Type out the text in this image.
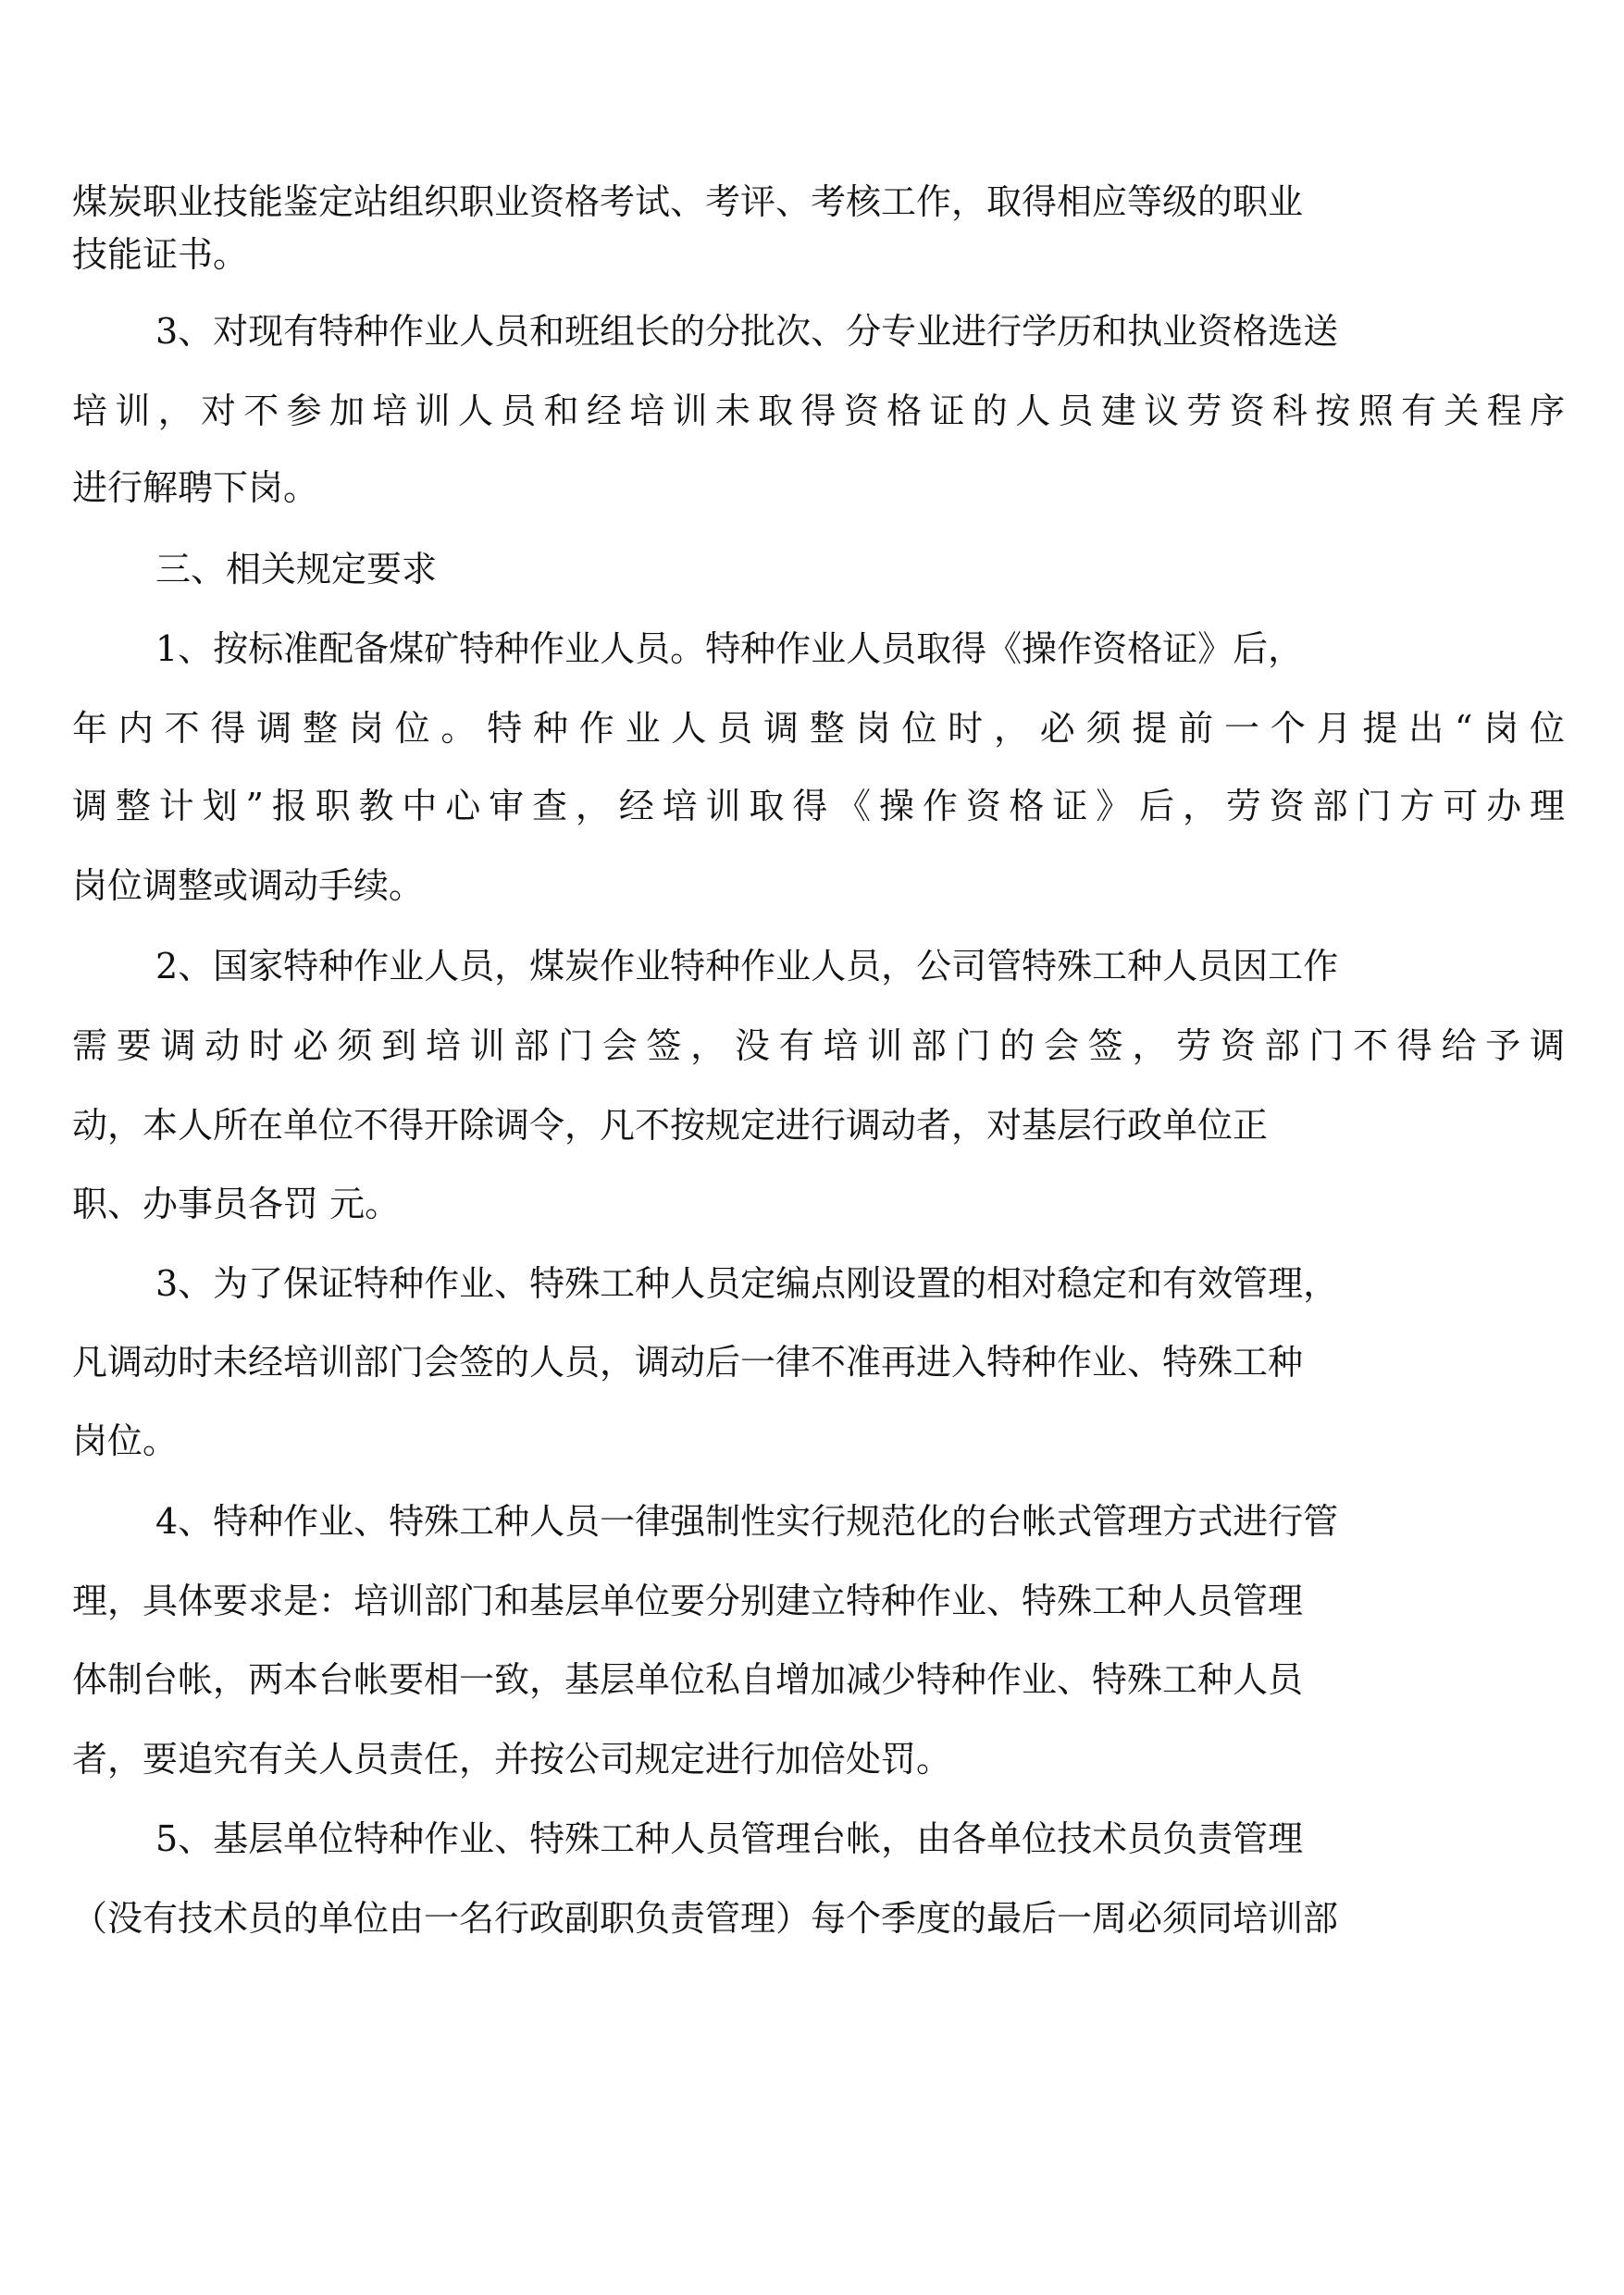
煤炭职业技能鉴定站组织职业资格考试、考评、考核工作，取得相应等级的职业

技能证书。

3、对现有特种作业人员和班组长的分批次、分专业进行学历和执业资格选送

培训，对不参加培训人员和经培训未取得资格证的人员建议劳资科按照有关程序

进行解聘下岗。

三、相关规定要求

1、按标准配备煤矿特种作业人员。特种作业人员取得《操作资格证》后，

年内不得调整岗位。特种作业人员调整岗位时，必须提前一个月提出“岗位

调整计划”报职教中心审查，经培训取得《操作资格证》后，劳资部门方可办理

岗位调整或调动手续。

2、国家特种作业人员，煤炭作业特种作业人员，公司管特殊工种人员因工作

需要调动时必须到培训部门会签，没有培训部门的会签，劳资部门不得给予调

动，本人所在单位不得开除调令，凡不按规定进行调动者，对基层行政单位正

职、办事员各罚 元。

3、为了保证特种作业、特殊工种人员定编点刚设置的相对稳定和有效管理，

凡调动时未经培训部门会签的人员，调动后一律不准再进入特种作业、特殊工种

岗位。

4、特种作业、特殊工种人员一律强制性实行规范化的台帐式管理方式进行管

理，具体要求是：培训部门和基层单位要分别建立特种作业、特殊工种人员管理

体制台帐，两本台帐要相一致，基层单位私自增加减少特种作业、特殊工种人员

者，要追究有关人员责任，并按公司规定进行加倍处罚。

5、基层单位特种作业、特殊工种人员管理台帐，由各单位技术员负责管理

（没有技术员的单位由一名行政副职负责管理）每个季度的最后一周必须同培训部
